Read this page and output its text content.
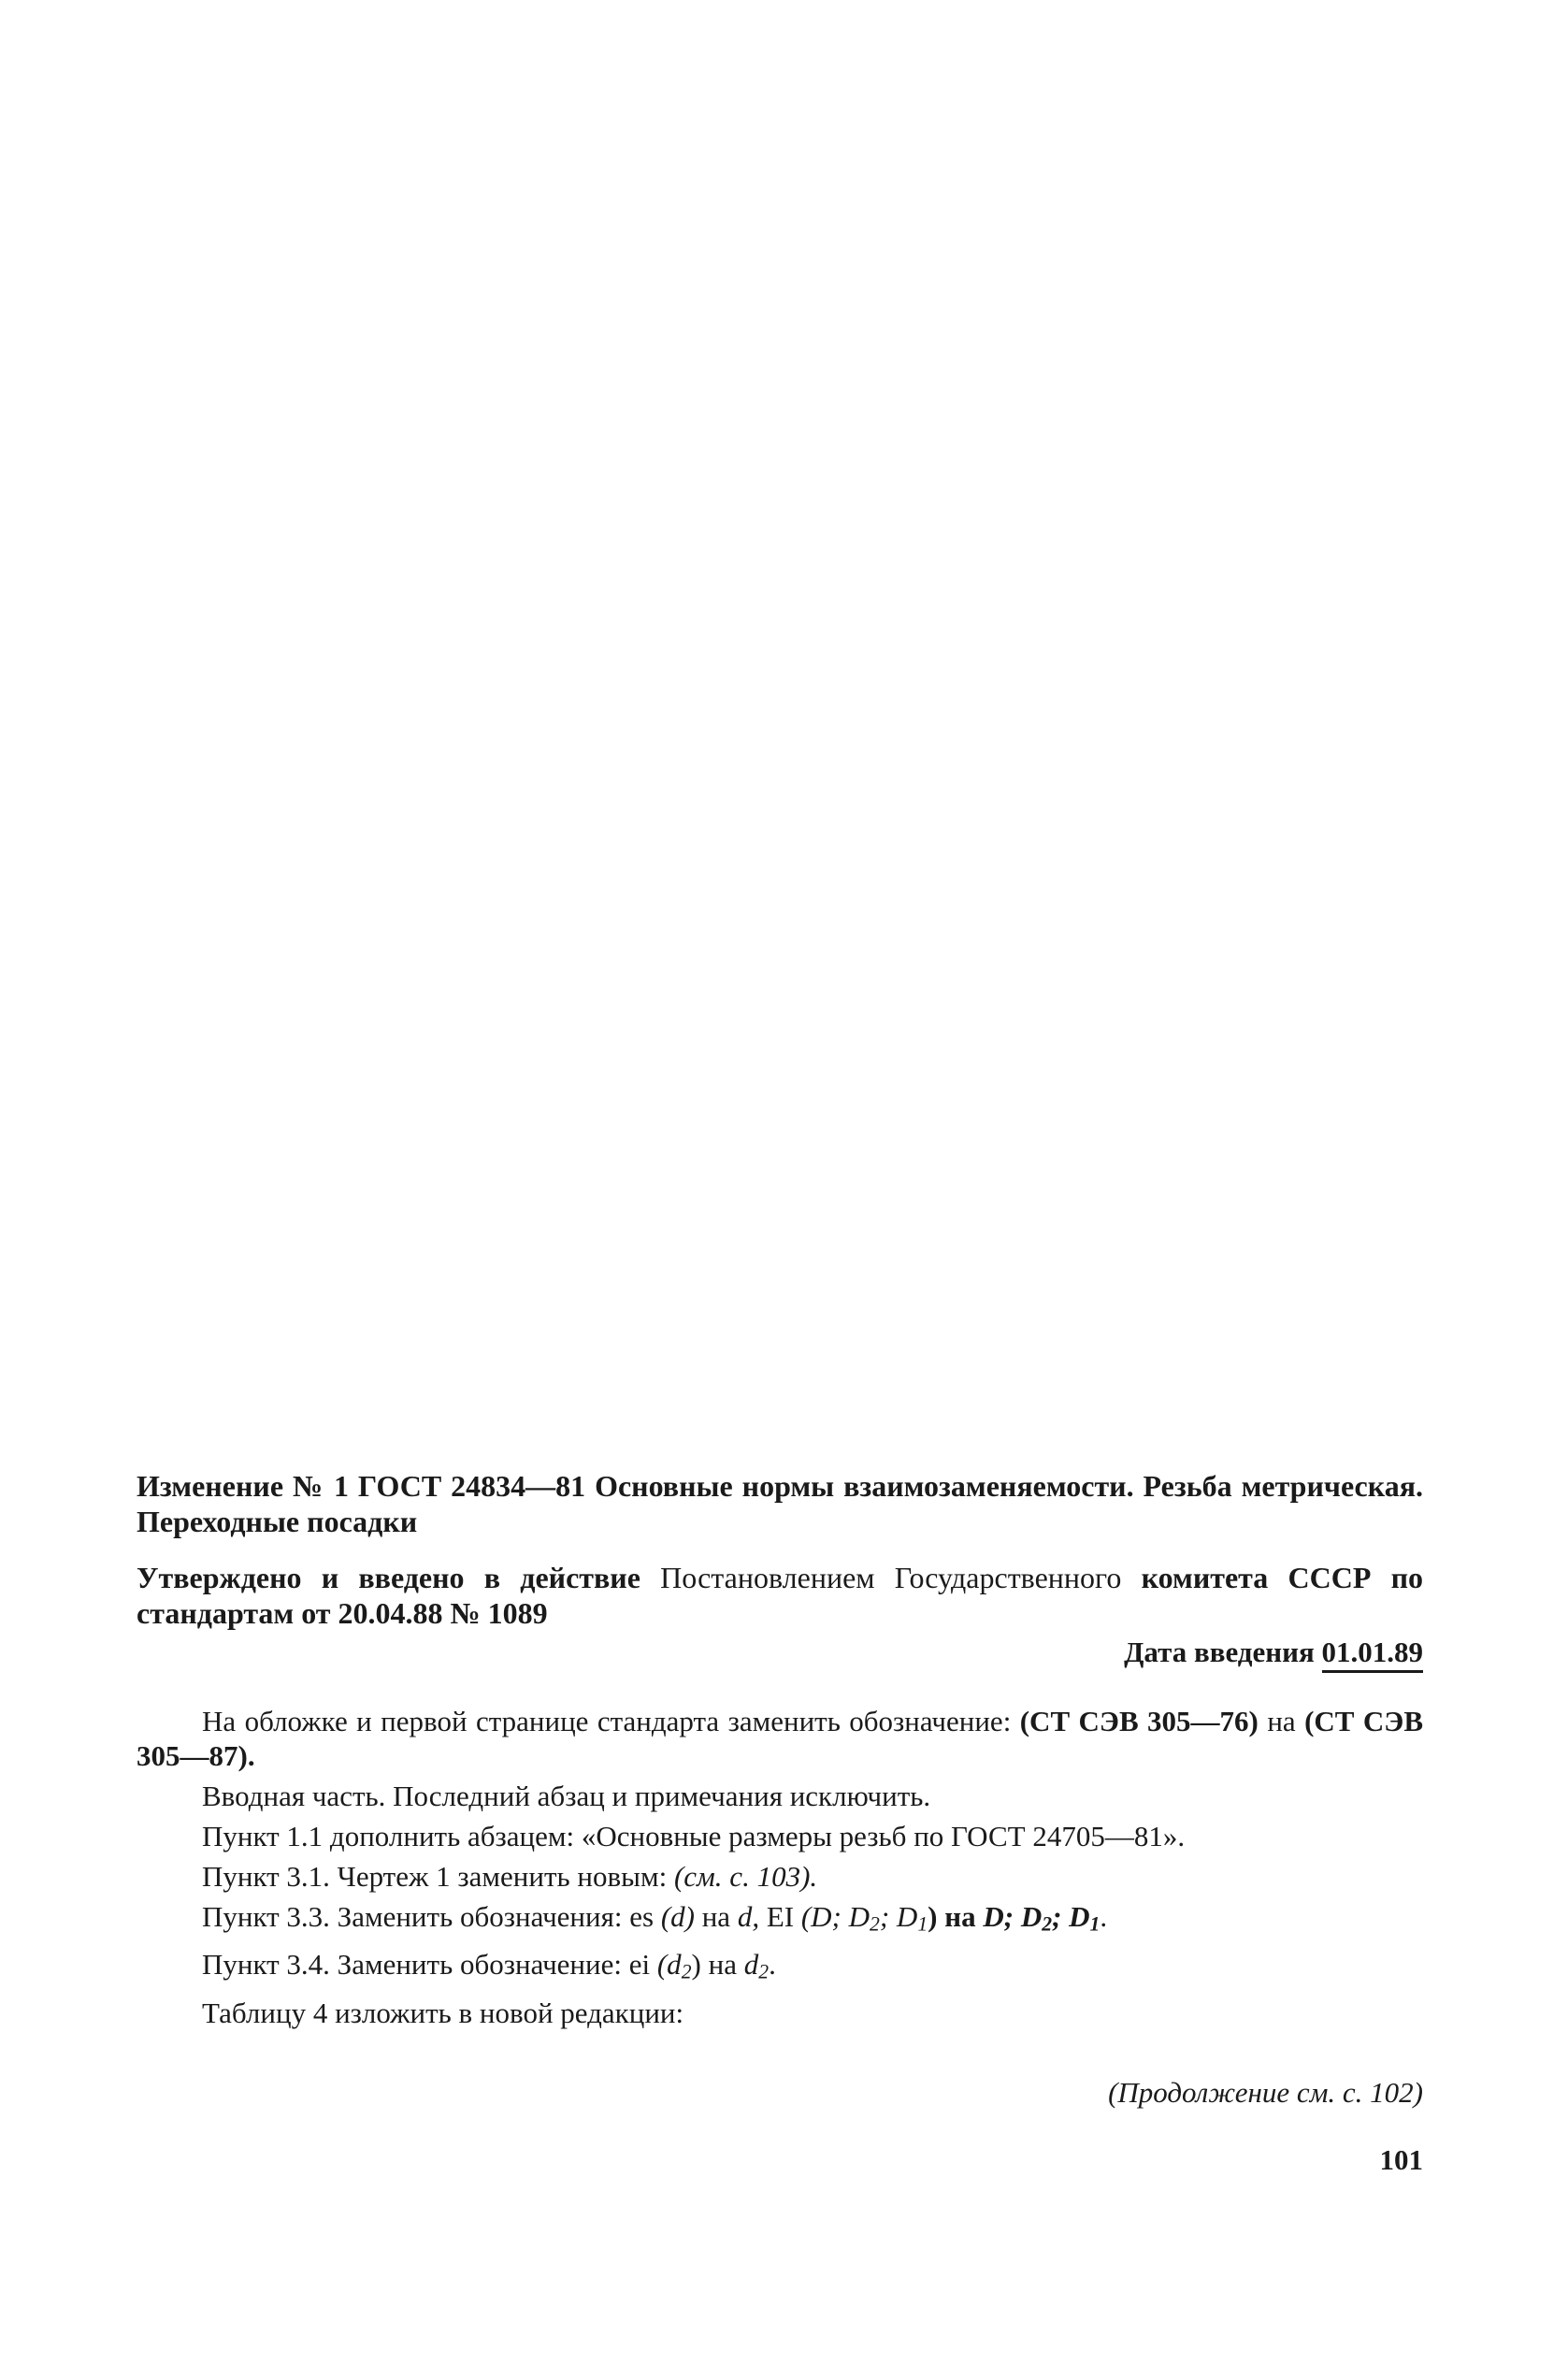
Изменение № 1 ГОСТ 24834—81 Основные нормы взаимозаменяемости. Резьба метрическая. Переходные посадки

Утверждено и введено в действие Постановлением Государственного комитета СССР по стандартам от 20.04.88 № 1089

Дата введения 01.01.89

На обложке и первой странице стандарта заменить обозначение: (СТ СЭВ 305—76) на (СТ СЭВ 305—87).

Вводная часть. Последний абзац и примечания исключить.

Пункт 1.1 дополнить абзацем: «Основные размеры резьб по ГОСТ 24705—81».

Пункт 3.1. Чертеж 1 заменить новым: (см. с. 103).

Пункт 3.3. Заменить обозначения: es (d) на d, EI (D; $D_2$; $D_1$) на D; $D_2$; $D_1$.

Пункт 3.4. Заменить обозначение: ei $(d_2)$ на $d_2$.

Таблицу 4 изложить в новой редакции:

(Продолжение см. с. 102)
101
